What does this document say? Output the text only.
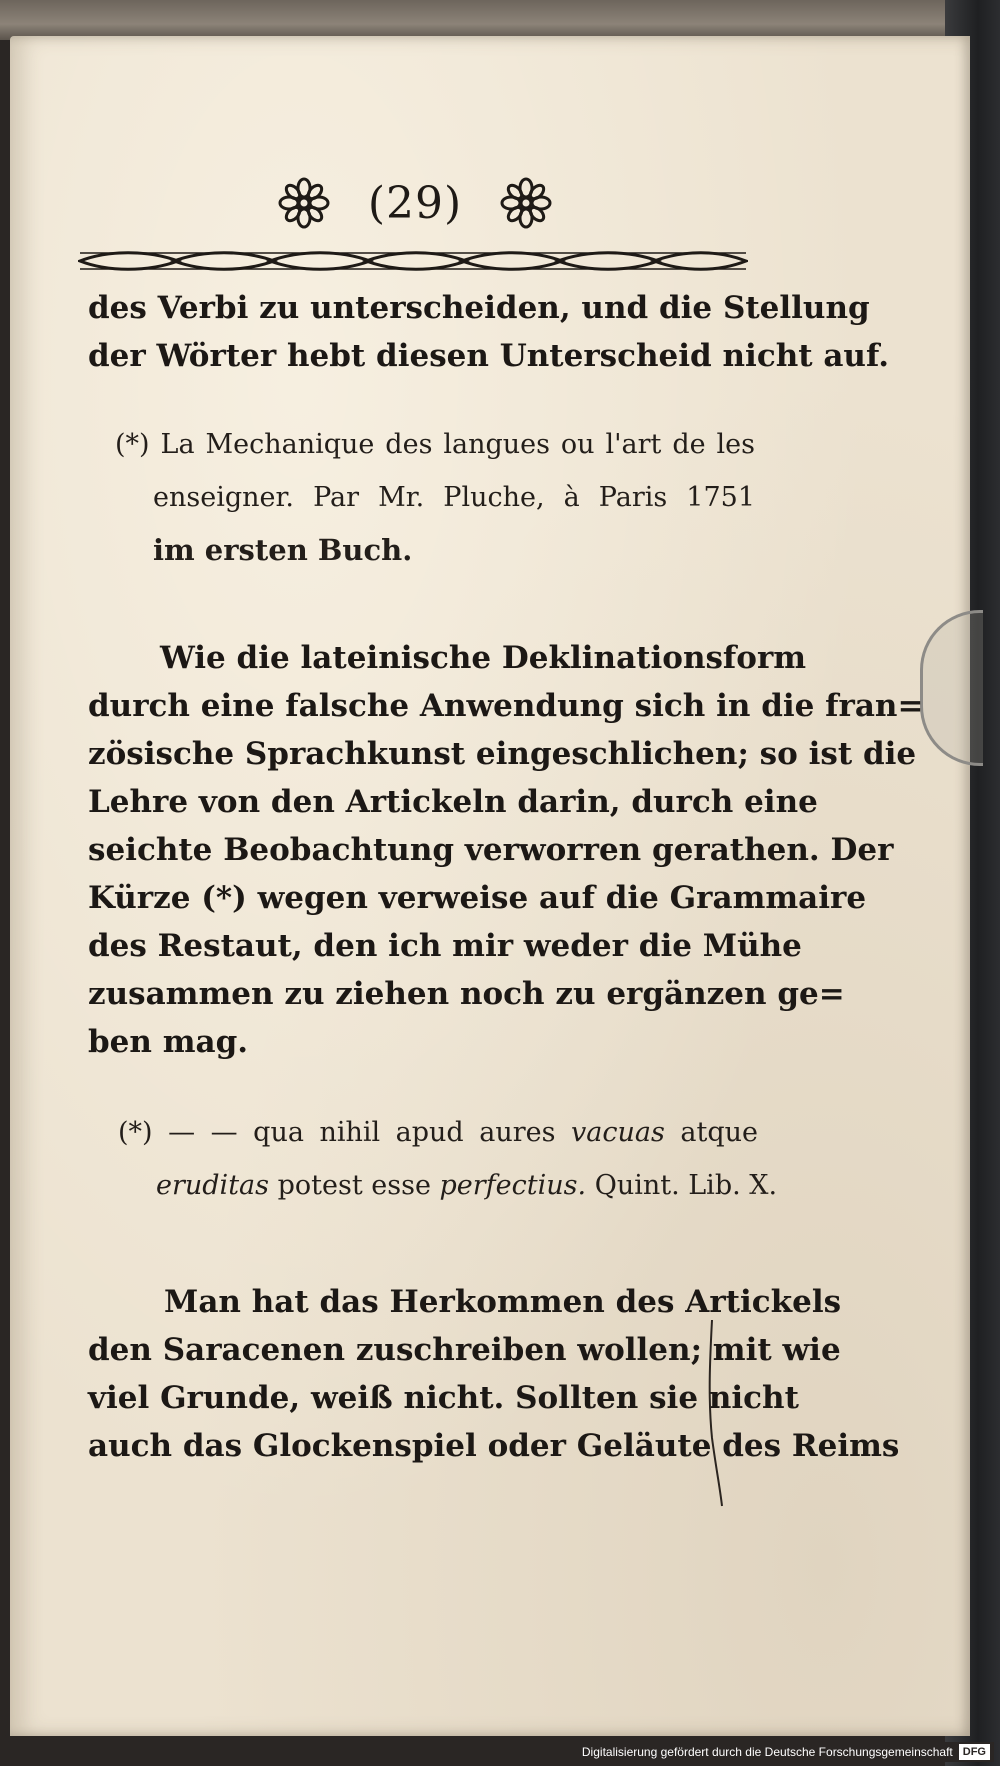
(29)
des Verbi zu unterscheiden, und die Stellung
der Wörter hebt diesen Unterscheid nicht auf.
(*) La Mechanique des langues ou l'art de les
enseigner. Par Mr. Pluche, à Paris 1751
im ersten Buch.
Wie die lateinische Deklinationsform
durch eine falsche Anwendung sich in die fran=
zösische Sprachkunst eingeschlichen; so ist die
Lehre von den Artickeln darin, durch eine
seichte Beobachtung verworren gerathen. Der
Kürze (*) wegen verweise auf die Grammaire
des Restaut, den ich mir weder die Mühe
zusammen zu ziehen noch zu ergänzen ge=
ben mag.
(*) — — qua nihil apud aures vacuas atque
eruditas potest esse perfectius. Quint. Lib. X.
Man hat das Herkommen des Artickels
den Saracenen zuschreiben wollen; mit wie
viel Grunde, weiß nicht. Sollten sie nicht
auch das Glockenspiel oder Geläute des Reims
Digitalisierung gefördert durch die Deutsche Forschungsgemeinschaft DFG
